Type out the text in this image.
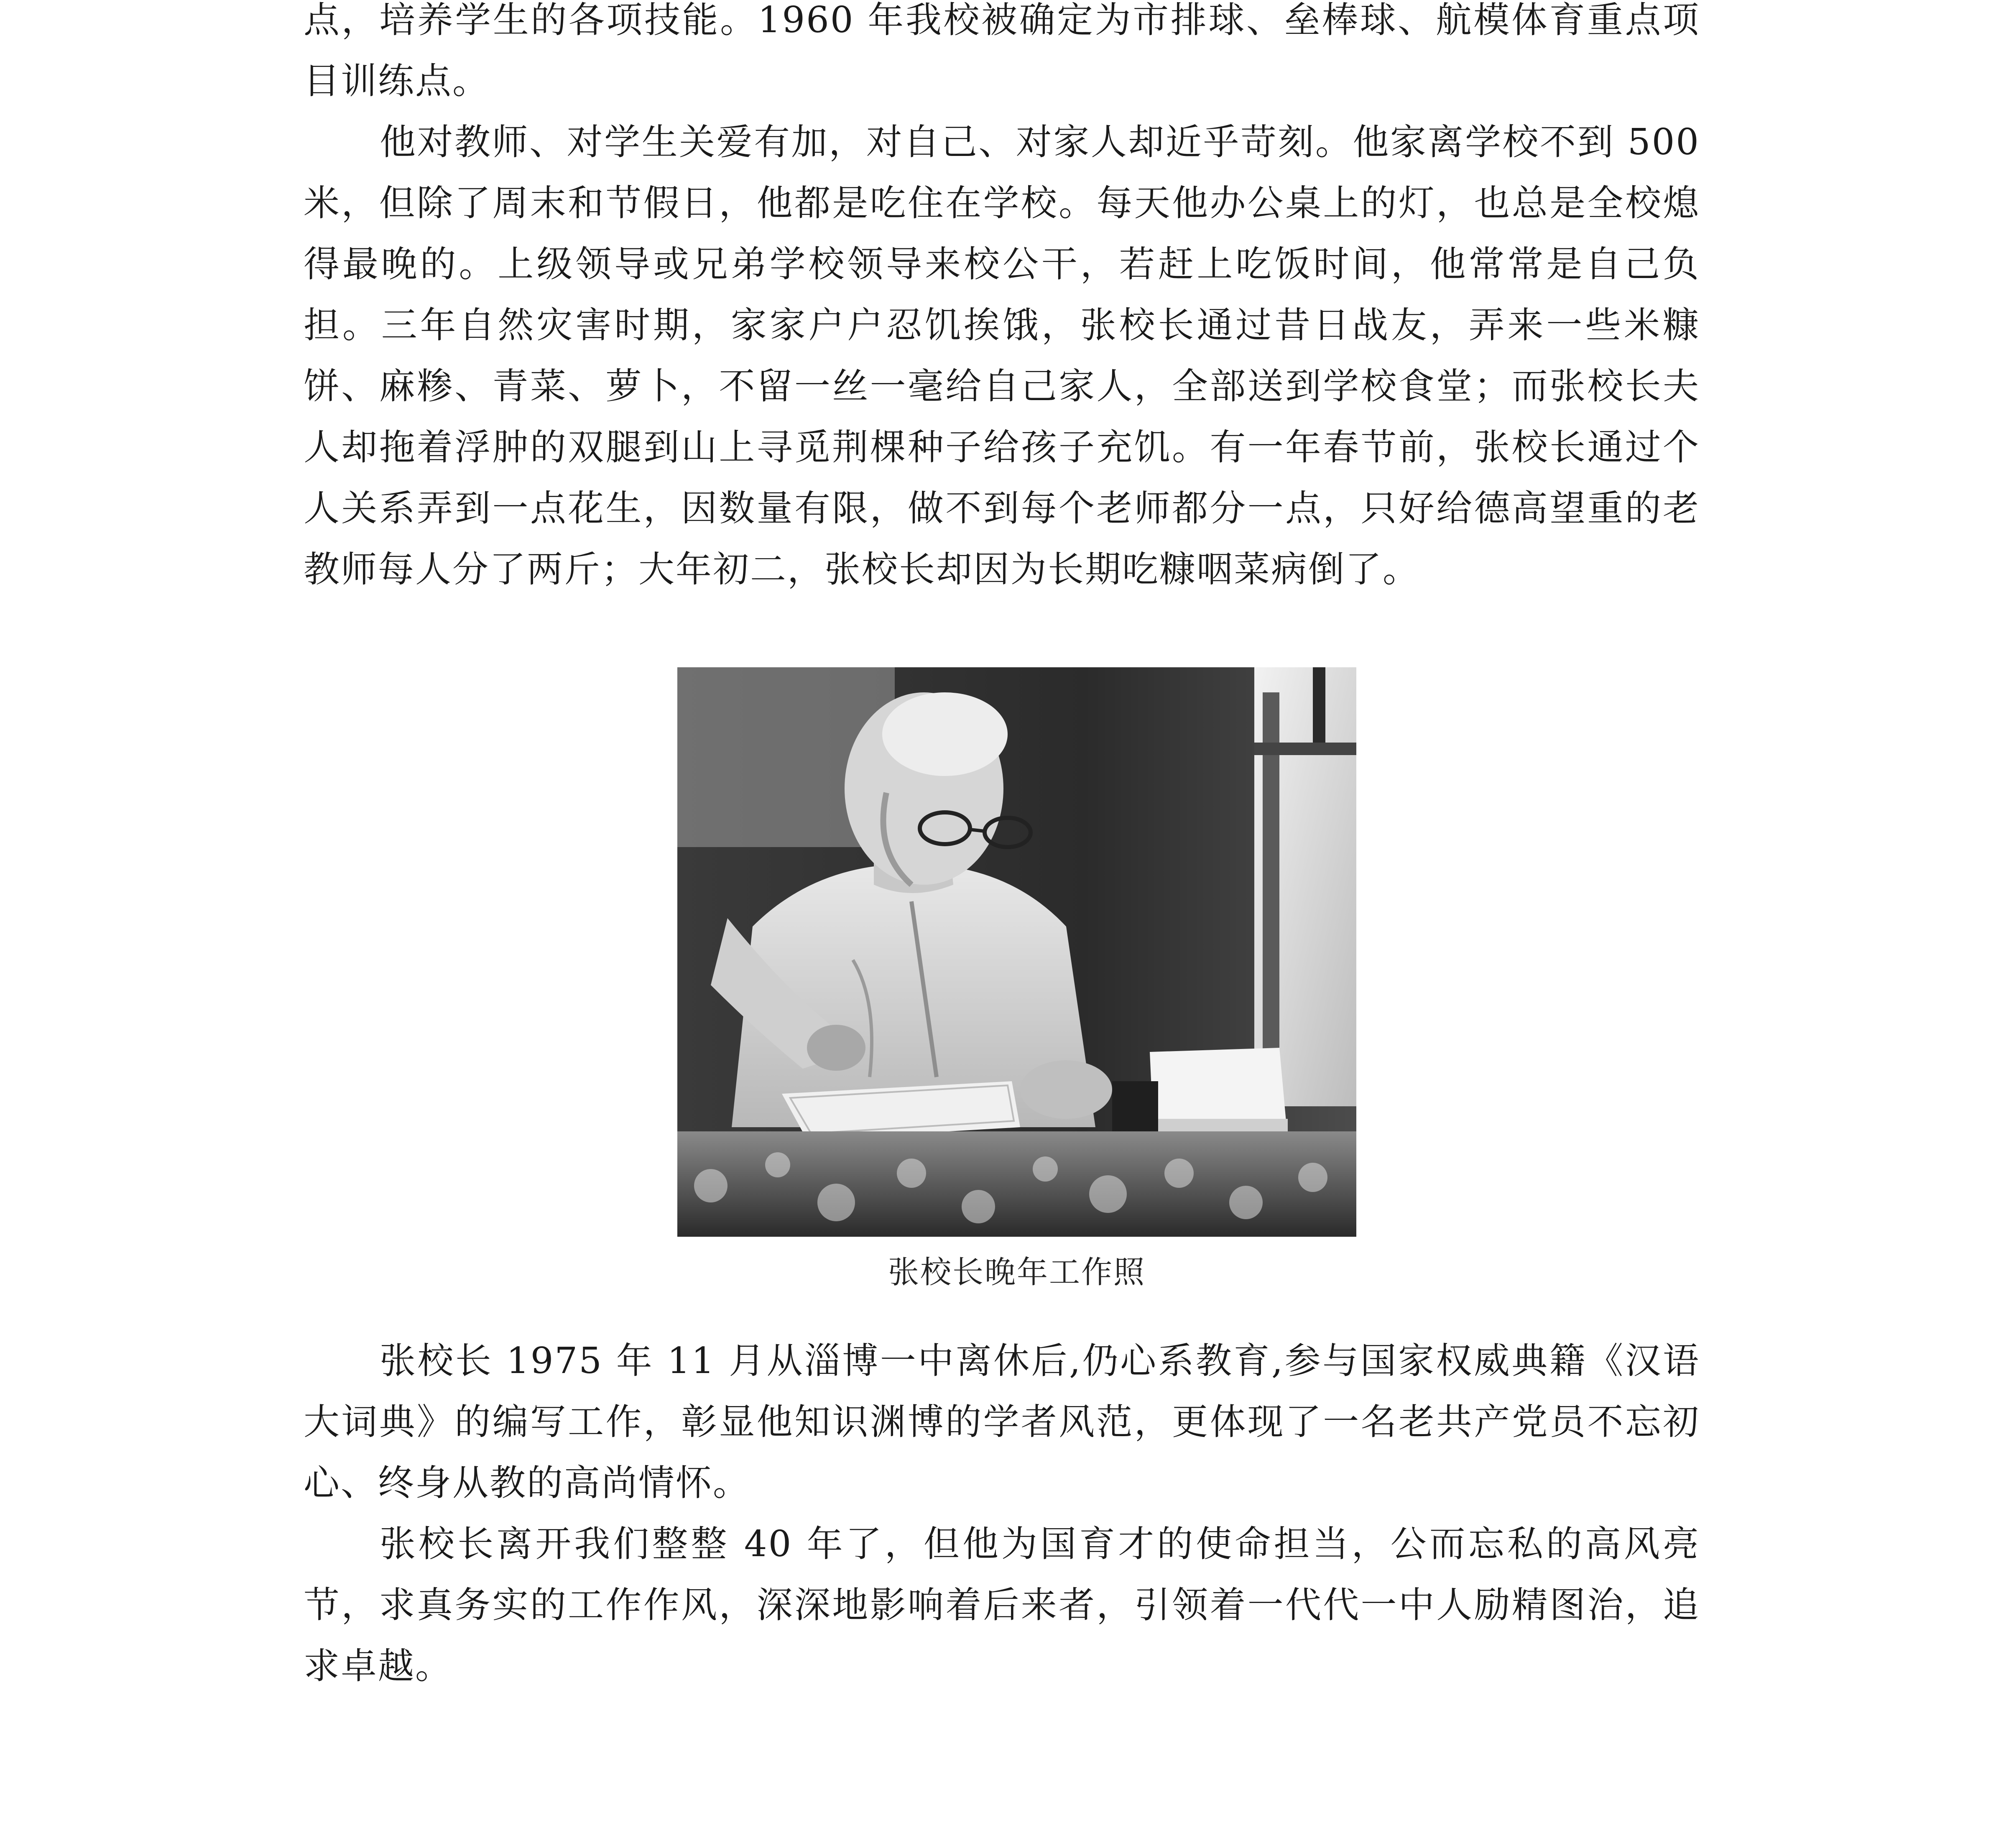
点，培养学生的各项技能。1960 年我校被确定为市排球、垒棒球、航模体育重点项目训练点。

他对教师、对学生关爱有加，对自己、对家人却近乎苛刻。他家离学校不到 500 米，但除了周末和节假日，他都是吃住在学校。每天他办公桌上的灯，也总是全校熄得最晚的。上级领导或兄弟学校领导来校公干，若赶上吃饭时间，他常常是自己负担。三年自然灾害时期，家家户户忍饥挨饿，张校长通过昔日战友，弄来一些米糠饼、麻糁、青菜、萝卜，不留一丝一毫给自己家人，全部送到学校食堂；而张校长夫人却拖着浮肿的双腿到山上寻觅荆棵种子给孩子充饥。有一年春节前，张校长通过个人关系弄到一点花生，因数量有限，做不到每个老师都分一点，只好给德高望重的老教师每人分了两斤；大年初二，张校长却因为长期吃糠咽菜病倒了。

张校长晚年工作照

张校长 1975 年 11 月从淄博一中离休后,仍心系教育,参与国家权威典籍《汉语大词典》的编写工作，彰显他知识渊博的学者风范，更体现了一名老共产党员不忘初心、终身从教的高尚情怀。

张校长离开我们整整 40 年了，但他为国育才的使命担当，公而忘私的高风亮节，求真务实的工作作风，深深地影响着后来者，引领着一代代一中人励精图治，追求卓越。
